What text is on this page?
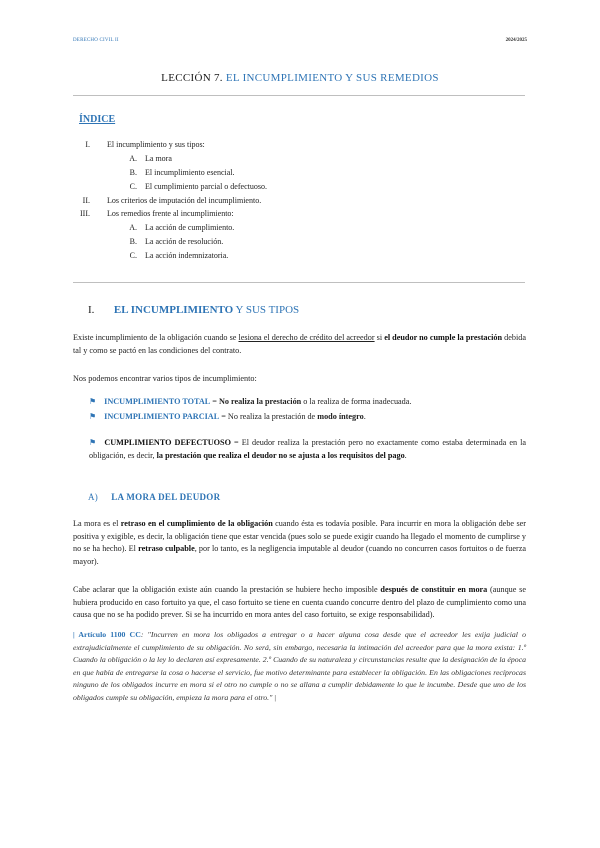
DERECHO CIVIL II	2024/2025
LECCIÓN 7. EL INCUMPLIMIENTO Y SUS REMEDIOS
ÍNDICE
I. El incumplimiento y sus tipos:
A. La mora
B. El incumplimiento esencial.
C. El cumplimiento parcial o defectuoso.
II. Los criterios de imputación del incumplimiento.
III. Los remedios frente al incumplimiento:
A. La acción de cumplimiento.
B. La acción de resolución.
C. La acción indemnizatoria.
I. EL INCUMPLIMIENTO Y SUS TIPOS
Existe incumplimiento de la obligación cuando se lesiona el derecho de crédito del acreedor si el deudor no cumple la prestación debida tal y como se pactó en las condiciones del contrato.
Nos podemos encontrar varios tipos de incumplimiento:
⚑ INCUMPLIMIENTO TOTAL = No realiza la prestación o la realiza de forma inadecuada.
⚑ INCUMPLIMIENTO PARCIAL = No realiza la prestación de modo íntegro.
⚑ CUMPLIMIENTO DEFECTUOSO = El deudor realiza la prestación pero no exactamente como estaba determinada en la obligación, es decir, la prestación que realiza el deudor no se ajusta a los requisitos del pago.
A) LA MORA DEL DEUDOR
La mora es el retraso en el cumplimiento de la obligación cuando ésta es todavía posible. Para incurrir en mora la obligación debe ser positiva y exigible, es decir, la obligación tiene que estar vencida (pues solo se puede exigir cuando ha llegado el momento de cumplirse y no se ha hecho). El retraso culpable, por lo tanto, es la negligencia imputable al deudor (cuando no concurren casos fortuitos o de fuerza mayor).
Cabe aclarar que la obligación existe aún cuando la prestación se hubiere hecho imposible después de constituir en mora (aunque se hubiera producido en caso fortuito ya que, el caso fortuito se tiene en cuenta cuando concurre dentro del plazo de cumplimiento como una causa que no se ha podido prever. Si se ha incurrido en mora antes del caso fortuito, se exige responsabilidad).
| Artículo 1100 CC: "Incurren en mora los obligados a entregar o a hacer alguna cosa desde que el acreedor les exija judicial o extrajudicialmente el cumplimiento de su obligación. No será, sin embargo, necesaria la intimación del acreedor para que la mora exista: 1.º Cuando la obligación o la ley lo declaren así expresamente. 2.º Cuando de su naturaleza y circunstancias resulte que la designación de la época en que había de entregarse la cosa o hacerse el servicio, fue motivo determinante para establecer la obligación. En las obligaciones recíprocas ninguno de los obligados incurre en mora si el otro no cumple o no se allana a cumplir debidamente lo que le incumbe. Desde que uno de los obligados cumple su obligación, empieza la mora para el otro." |
